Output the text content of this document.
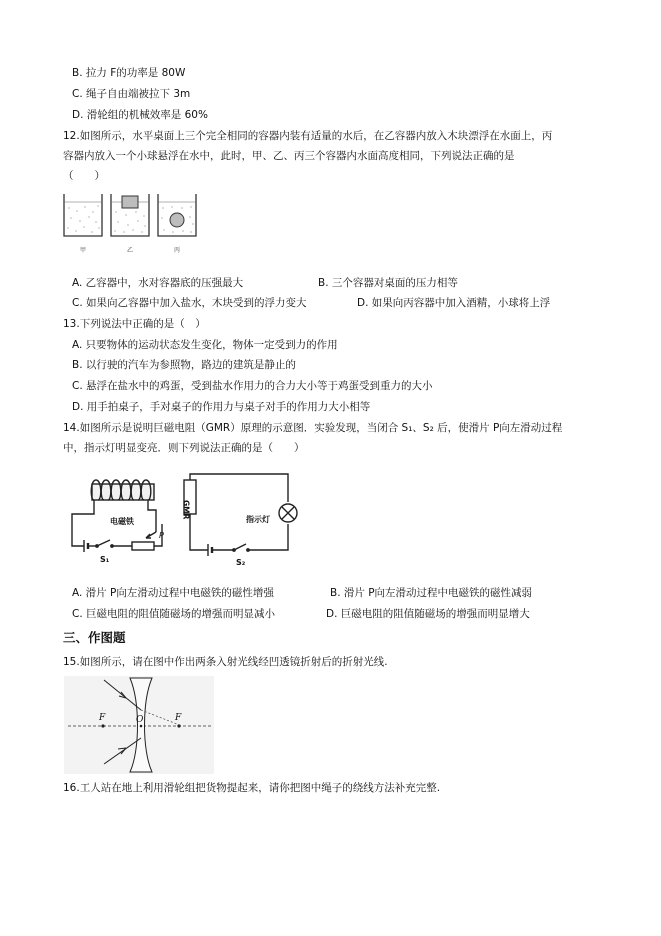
B. 拉力 F的功率是 80W
C. 绳子自由端被拉下 3m
D. 滑轮组的机械效率是 60%
12.如图所示，水平桌面上三个完全相同的容器内装有适量的水后，在乙容器内放入木块漂浮在水面上，丙
容器内放入一个小球悬浮在水中，此时，甲、乙、丙三个容器内水面高度相同，下列说法正确的是
（　　）
甲	乙	丙
A. 乙容器中，水对容器底的压强最大	B. 三个容器对桌面的压力相等
C. 如果向乙容器中加入盐水，木块受到的浮力变大	D. 如果向丙容器中加入酒精，小球将上浮
13.下列说法中正确的是（　）
A. 只要物体的运动状态发生变化，物体一定受到力的作用
B. 以行驶的汽车为参照物，路边的建筑是静止的
C. 悬浮在盐水中的鸡蛋，受到盐水作用力的合力大小等于鸡蛋受到重力的大小
D. 用手拍桌子，手对桌子的作用力与桌子对手的作用力大小相等
14.如图所示是说明巨磁电阻（GMR）原理的示意图．实验发现，当闭合 S₁、S₂ 后，使滑片 P向左滑动过程
中，指示灯明显变亮．则下列说法正确的是（　　）
电磁铁
P
S₁
GMR
指示灯
S₂
A. 滑片 P向左滑动过程中电磁铁的磁性增强	B. 滑片 P向左滑动过程中电磁铁的磁性减弱
C. 巨磁电阻的阻值随磁场的增强而明显减小	D. 巨磁电阻的阻值随磁场的增强而明显增大
三、作图题
15.如图所示，请在图中作出两条入射光线经凹透镜折射后的折射光线.
F	O	F
16.工人站在地上利用滑轮组把货物提起来，请你把图中绳子的绕线方法补充完整.
